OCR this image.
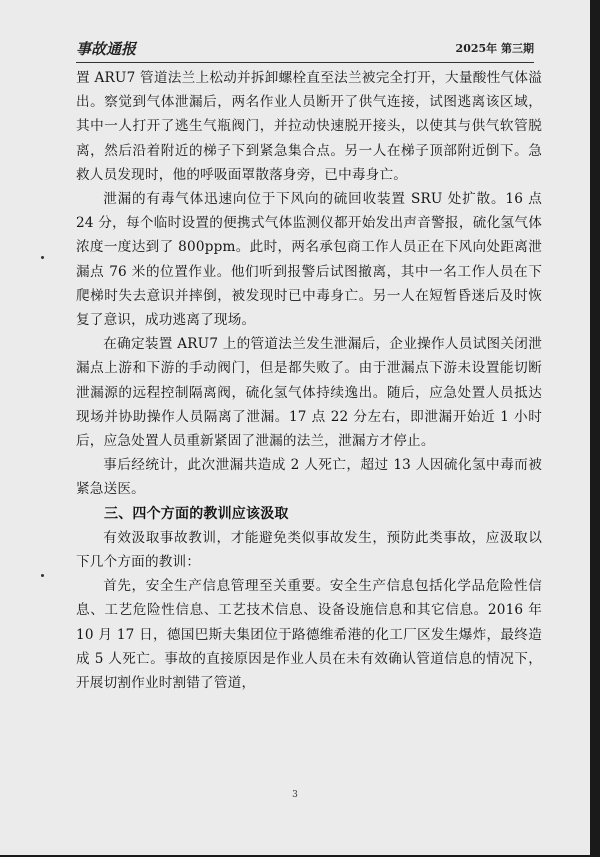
事故通报	2025年 第三期

置 ARU7 管道法兰上松动并拆卸螺栓直至法兰被完全打开，大量酸性气体溢出。察觉到气体泄漏后，两名作业人员断开了供气连接，试图逃离该区域，其中一人打开了逃生气瓶阀门，并拉动快速脱开接头，以使其与供气软管脱离，然后沿着附近的梯子下到紧急集合点。另一人在梯子顶部附近倒下。急救人员发现时，他的呼吸面罩散落身旁，已中毒身亡。

泄漏的有毒气体迅速向位于下风向的硫回收装置 SRU 处扩散。16 点 24 分，每个临时设置的便携式气体监测仪都开始发出声音警报，硫化氢气体浓度一度达到了 800ppm。此时，两名承包商工作人员正在下风向处距离泄漏点 76 米的位置作业。他们听到报警后试图撤离，其中一名工作人员在下爬梯时失去意识并摔倒，被发现时已中毒身亡。另一人在短暂昏迷后及时恢复了意识，成功逃离了现场。

在确定装置 ARU7 上的管道法兰发生泄漏后，企业操作人员试图关闭泄漏点上游和下游的手动阀门，但是都失败了。由于泄漏点下游未设置能切断泄漏源的远程控制隔离阀，硫化氢气体持续逸出。随后，应急处置人员抵达现场并协助操作人员隔离了泄漏。17 点 22 分左右，即泄漏开始近 1 小时后，应急处置人员重新紧固了泄漏的法兰，泄漏方才停止。

事后经统计，此次泄漏共造成 2 人死亡，超过 13 人因硫化氢中毒而被紧急送医。

三、四个方面的教训应该汲取

有效汲取事故教训，才能避免类似事故发生，预防此类事故，应汲取以下几个方面的教训：

首先，安全生产信息管理至关重要。安全生产信息包括化学品危险性信息、工艺危险性信息、工艺技术信息、设备设施信息和其它信息。2016 年 10 月 17 日，德国巴斯夫集团位于路德维希港的化工厂区发生爆炸，最终造成 5 人死亡。事故的直接原因是作业人员在未有效确认管道信息的情况下，开展切割作业时割错了管道，

3
